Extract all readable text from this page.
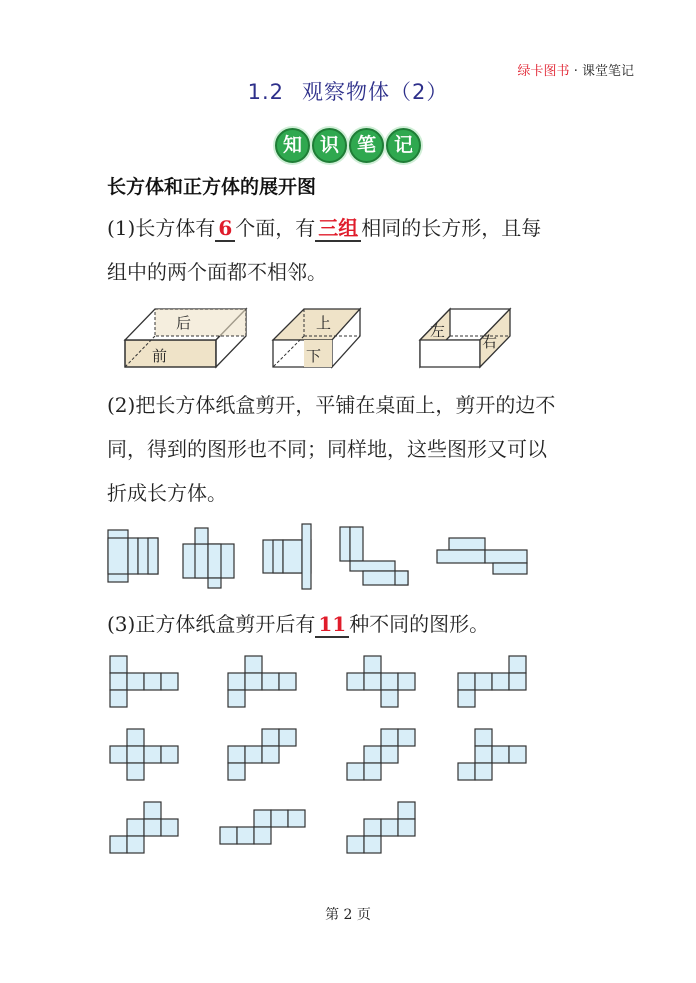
绿卡图书 · 课堂笔记
1.2 观察物体（2）
知 识 笔 记
长方体和正方体的展开图
(1)长方体有 6 个面，有 三组 相同的长方形，且每组中的两个面都不相邻。
后
前
上
下
左
右
(2)把长方体纸盒剪开，平铺在桌面上，剪开的边不同，得到的图形也不同；同样地，这些图形又可以折成长方体。
(3)正方体纸盒剪开后有 11 种不同的图形。
第 2 页
